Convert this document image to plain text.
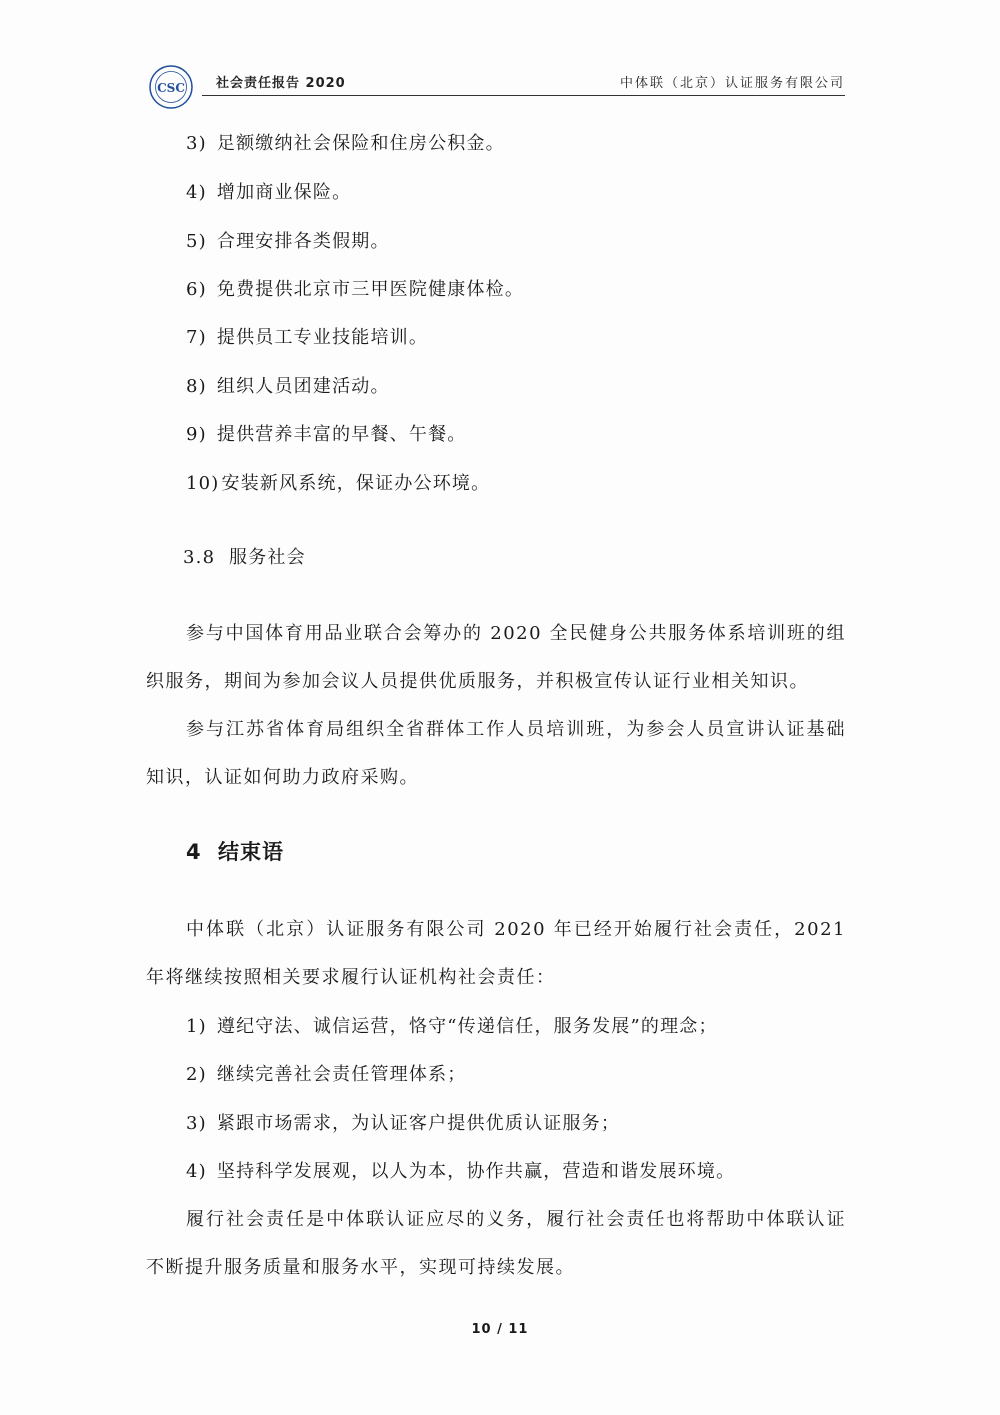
CSC 社会责任报告 2020	中体联（北京）认证服务有限公司
3) 足额缴纳社会保险和住房公积金。
4) 增加商业保险。
5) 合理安排各类假期。
6) 免费提供北京市三甲医院健康体检。
7) 提供员工专业技能培训。
8) 组织人员团建活动。
9) 提供营养丰富的早餐、午餐。
10) 安装新风系统，保证办公环境。
3.8 服务社会
参与中国体育用品业联合会筹办的 2020 全民健身公共服务体系培训班的组织服务，期间为参加会议人员提供优质服务，并积极宣传认证行业相关知识。
参与江苏省体育局组织全省群体工作人员培训班，为参会人员宣讲认证基础知识，认证如何助力政府采购。
4 结束语
中体联（北京）认证服务有限公司 2020 年已经开始履行社会责任，2021 年将继续按照相关要求履行认证机构社会责任：
1) 遵纪守法、诚信运营，恪守“传递信任，服务发展”的理念；
2) 继续完善社会责任管理体系；
3) 紧跟市场需求，为认证客户提供优质认证服务；
4) 坚持科学发展观，以人为本，协作共赢，营造和谐发展环境。
履行社会责任是中体联认证应尽的义务，履行社会责任也将帮助中体联认证不断提升服务质量和服务水平，实现可持续发展。
10 / 11
